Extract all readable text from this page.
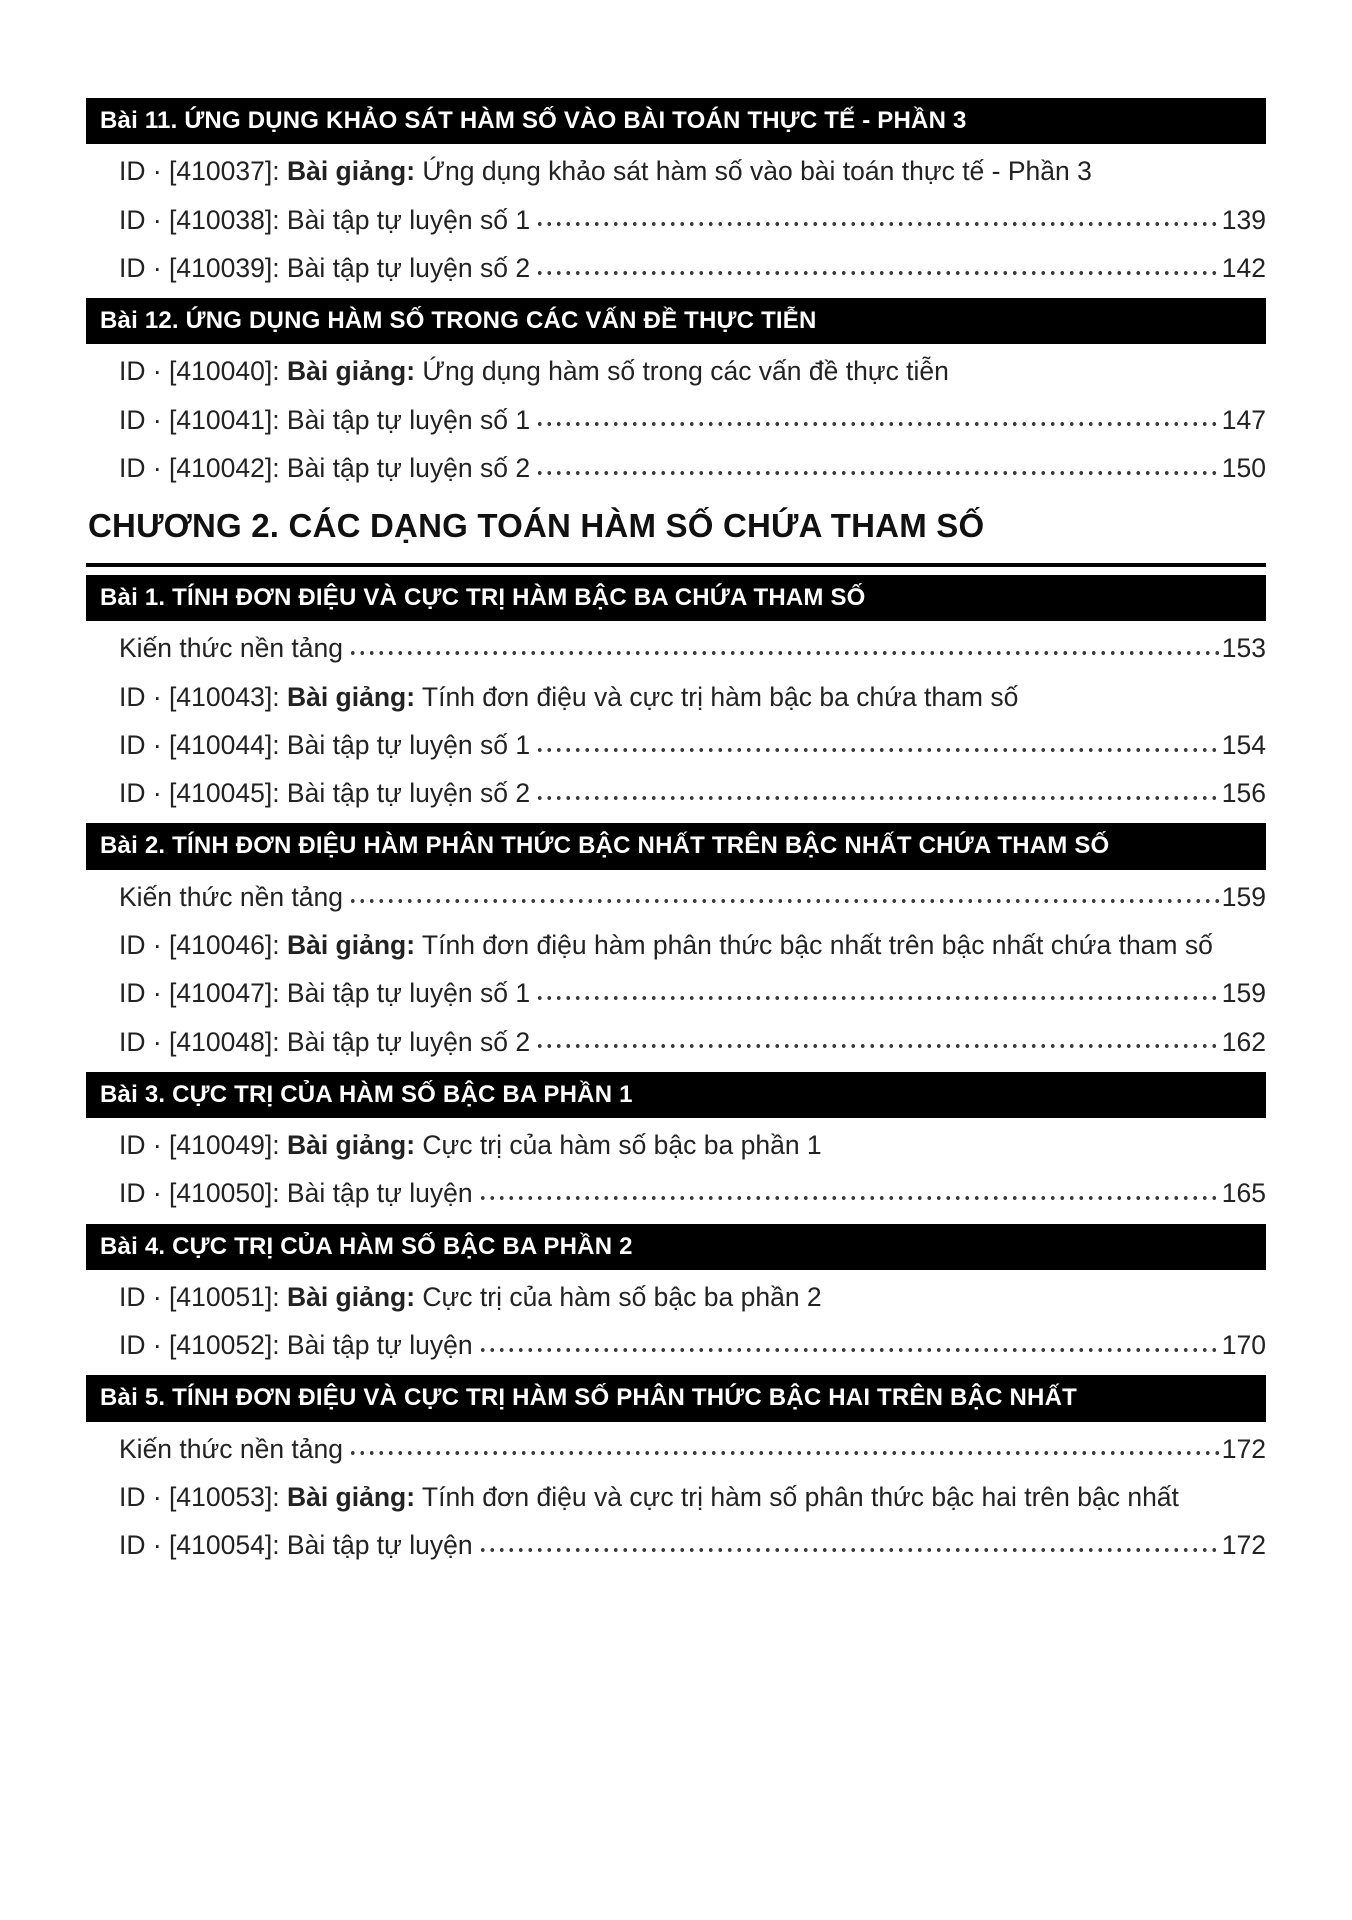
Bài 11. ỨNG DỤNG KHẢO SÁT HÀM SỐ VÀO BÀI TOÁN THỰC TẾ - PHẦN 3
ID · [410037]: Bài giảng: Ứng dụng khảo sát hàm số vào bài toán thực tế - Phần 3
ID · [410038]: Bài tập tự luyện số 1	139
ID · [410039]: Bài tập tự luyện số 2	142
Bài 12. ỨNG DỤNG HÀM SỐ TRONG CÁC VẤN ĐỀ THỰC TIỄN
ID · [410040]: Bài giảng: Ứng dụng hàm số trong các vấn đề thực tiễn
ID · [410041]: Bài tập tự luyện số 1	147
ID · [410042]: Bài tập tự luyện số 2	150
CHƯƠNG 2. CÁC DẠNG TOÁN HÀM SỐ CHỨA THAM SỐ
Bài 1. TÍNH ĐƠN ĐIỆU VÀ CỰC TRỊ HÀM BẬC BA CHỨA THAM SỐ
Kiến thức nền tảng	153
ID · [410043]: Bài giảng: Tính đơn điệu và cực trị hàm bậc ba chứa tham số
ID · [410044]: Bài tập tự luyện số 1	154
ID · [410045]: Bài tập tự luyện số 2	156
Bài 2. TÍNH ĐƠN ĐIỆU HÀM PHÂN THỨC BẬC NHẤT TRÊN BẬC NHẤT CHỨA THAM SỐ
Kiến thức nền tảng	159
ID · [410046]: Bài giảng: Tính đơn điệu hàm phân thức bậc nhất trên bậc nhất chứa tham số
ID · [410047]: Bài tập tự luyện số 1	159
ID · [410048]: Bài tập tự luyện số 2	162
Bài 3. CỰC TRỊ CỦA HÀM SỐ BẬC BA PHẦN 1
ID · [410049]: Bài giảng: Cực trị của hàm số bậc ba phần 1
ID · [410050]: Bài tập tự luyện	165
Bài 4. CỰC TRỊ CỦA HÀM SỐ BẬC BA PHẦN 2
ID · [410051]: Bài giảng: Cực trị của hàm số bậc ba phần 2
ID · [410052]: Bài tập tự luyện	170
Bài 5. TÍNH ĐƠN ĐIỆU VÀ CỰC TRỊ HÀM SỐ PHÂN THỨC BẬC HAI TRÊN BẬC NHẤT
Kiến thức nền tảng	172
ID · [410053]: Bài giảng: Tính đơn điệu và cực trị hàm số phân thức bậc hai trên bậc nhất
ID · [410054]: Bài tập tự luyện	172
